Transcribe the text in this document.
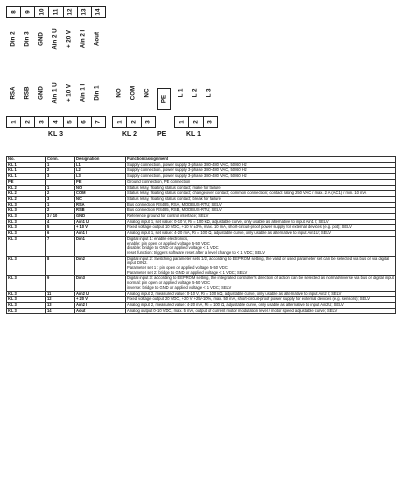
8 9 10 11 12 13 14
Din 2 Din 3 GND Ain 2 U + 20 V Ain 2 I Aout
RSA RSB GND Ain 1 U + 10 V Ain 1 I Din 1
1 2 3 4 5 6 7
KL 3
NO COM NC
1 2 3
KL 2
PE
PE
L 1 L 2 L 3
1 2 3
KL 1
No.	Conn.	Designation	Function/assignment
KL 1	1	L1	Supply connection, power supply 3-phase 380-480 VAC, 50/60 Hz
KL 1	2	L2	Supply connection, power supply 3-phase 380-480 VAC, 50/60 Hz
KL 1	3	L3	Supply connection, power supply 3-phase 380-480 VAC, 50/60 Hz
PE		PE	Ground connection, PE connection
KL 2	1	NO	Status relay, floating status contact; make for failure
KL 2	2	COM	Status relay, floating status contact; changeover contact; common connection; contact rating 250 VAC / max. 2 A (AC1) / min. 10 mA
KL 2	3	NC	Status relay, floating status contact; break for failure
KL 3	1	RSA	Bus connection RS485, RSA, MODBUS-RTU; SELV
KL 3	2	RSB	Bus connection RS485, RSB, MODBUS-RTU; SELV
KL 3	3 / 10	GND	Reference ground for control interface; SELV
KL 3	4	Ain1 U	Analog input 1, set value: 0-10 V, Ri = 100 kΩ, adjustable curve, only usable as alternative to input Ain1 I; SELV
KL 3	5	+ 10 V	Fixed voltage output 10 VDC, +10 V ±3%, max. 10 mA, short-circuit-proof power supply for external devices (e.g. pot); SELV
KL 3	6	Ain1 I	Analog input 1, set value: 4-20 mA, Ri = 100 Ω, adjustable curve, only usable as alternative to input Ain1U; SELV
KL 3	7	Din1	Digital input 1: enable electronics,
enable: pin open or applied voltage 5-50 VDC
disable: bridge to GND or applied voltage < 1 VDC
reset function: triggers software reset after a level change to < 1 VDC; SELV
KL 3	8	Din2	Digital input 2: Switching parameter sets 1/2, according to EEPROM setting, the valid or used parameter set can be selected via bus or via digital input DIN2.
Parameter set 1 : pin open or applied voltage 5-50 VDC
Parameter set 2: bridge to GND or applied voltage < 1 VDC; SELV
KL 3	9	Din3	Digital input 3: according to EEPROM setting, the integrated controller's direction of action can be selected as normal/inverse via bus or digital input
normal: pin open or applied voltage 5-50 VDC
inverse: bridge to GND or applied voltage < 1 VDC; SELV
KL 3	11	Ain2 U	Analog input 2, measured value: 0-10 V, Ri = 100 kΩ, adjustable curve, only usable as alternative to input Ain2 I; SELV
KL 3	12	+ 20 V	Fixed voltage output 20 VDC, +20 V +25/-10%, max. 50 mA, short-circuit-proof power supply for external devices (e.g. sensors); SELV
KL 3	13	Ain2 I	Analog input 2, measured value: 4-20 mA, Ri = 100 Ω, adjustable curve, only usable as alternative to input Ain2U; SELV
KL 3	14	Aout	Analog output 0-10 VDC, max. 5 mA, output of current motor modulation level / motor speed adjustable curve; SELV
